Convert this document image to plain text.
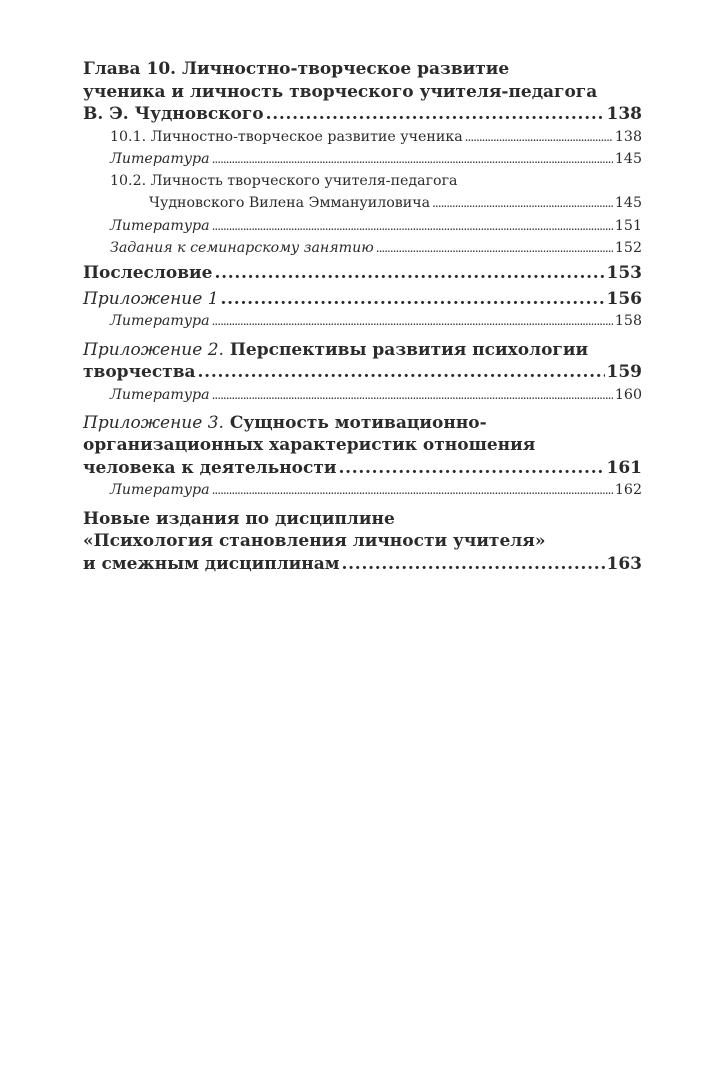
Глава 10. Личностно-творческое развитие
ученика и личность творческого учителя-педагога
В. Э. Чудновского . . .	138
10.1. Личностно-творческое развитие ученика . . .	138
Литература . . .	145
10.2. Личность творческого учителя-педагога
Чудновского Вилена Эммануиловича . . .	145
Литература . . .	151
Задания к семинарскому занятию . . .	152
Послесловие . . .	153
Приложение 1 . . .	156
Литература . . .	158
Приложение 2. Перспективы развития психологии
творчества . . .	159
Литература . . .	160
Приложение 3. Сущность мотивационно-
организационных характеристик отношения
человека к деятельности . . .	161
Литература . . .	162
Новые издания по дисциплине
«Психология становления личности учителя»
и смежным дисциплинам . . .	163
